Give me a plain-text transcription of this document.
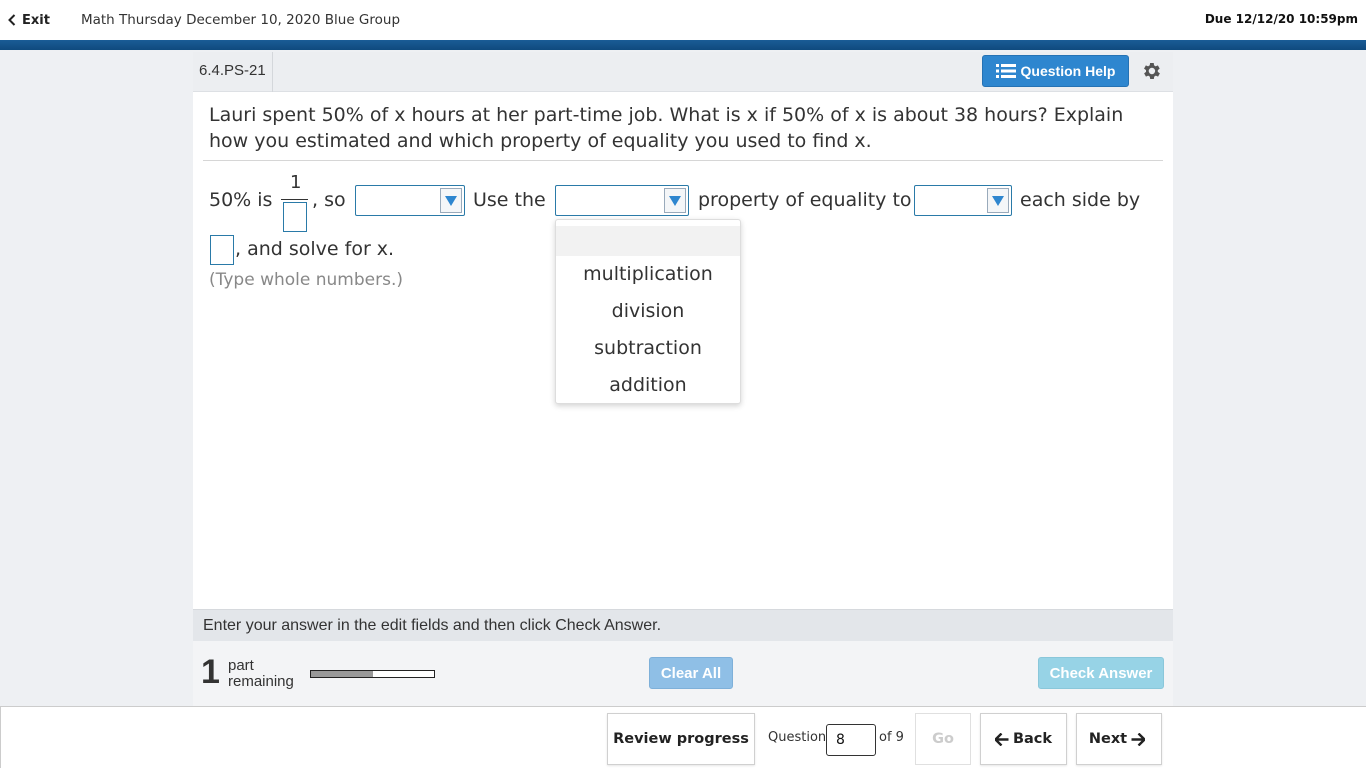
Exit Math Thursday December 10, 2020 Blue Group	Due 12/12/20 10:59pm
6.4.PS-21	Question Help
Lauri spent 50% of x hours at her part-time job. What is x if 50% of x is about 38 hours? Explain how you estimated and which property of equality you used to find x.
50% is
1
, so	Use the	property of equality to	each side by
, and solve for x.
(Type whole numbers.)	multiplication
division
subtraction
addition
Enter your answer in the edit fields and then click Check Answer.
1 part
remaining	Clear All	Check Answer
Review progress	Question
8	of 9	Go	Back	Next
